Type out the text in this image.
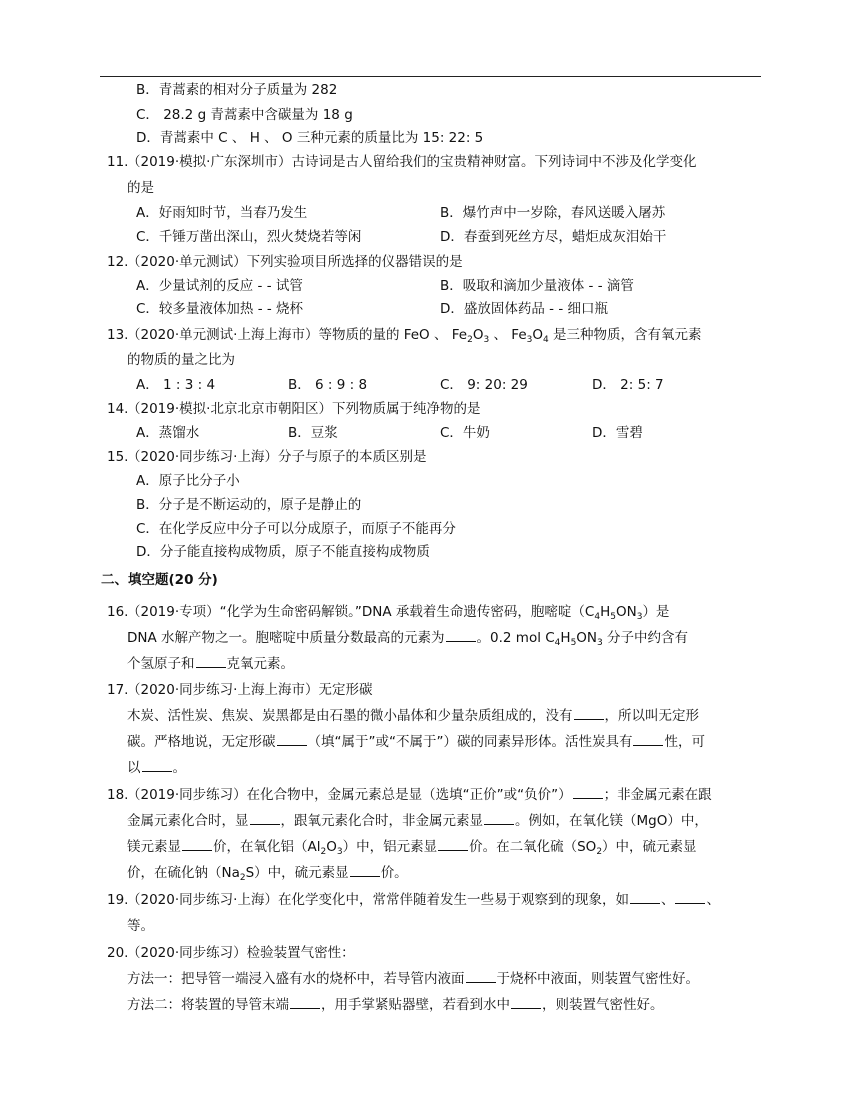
B．青蒿素的相对分子质量为 282
C． 28.2 g 青蒿素中含碳量为 18 g
D．青蒿素中 C 、 H 、 O 三种元素的质量比为 15: 22: 5
11.
（2019·模拟·广东深圳市）古诗词是古人留给我们的宝贵精神财富。下列诗词中不涉及化学变化
的是
A．好雨知时节，当春乃发生	B．爆竹声中一岁除，春风送暖入屠苏
C．千锤万凿出深山，烈火焚烧若等闲	D．春蚕到死丝方尽，蜡炬成灰泪始干
12.
（2020·单元测试）下列实验项目所选择的仪器错误的是
A．少量试剂的反应 - - 试管	B．吸取和滴加少量液体 - - 滴管
C．较多量液体加热 - - 烧杯	D．盛放固体药品 - - 细口瓶
13.
（2020·单元测试·上海上海市）等物质的量的 FeO 、 $Fe_2O_3$ 、 $Fe_3O_4$ 是三种物质，含有氧元素
的物质的量之比为
A． 1 : 3 : 4	B． 6 : 9 : 8	C． 9: 20: 29	D． 2: 5: 7
14.
（2019·模拟·北京北京市朝阳区）下列物质属于纯净物的是
A．蒸馏水	B．豆浆	C．牛奶	D．雪碧
15.
（2020·同步练习·上海）分子与原子的本质区别是
A．原子比分子小
B．分子是不断运动的，原子是静止的
C．在化学反应中分子可以分成原子，而原子不能再分
D．分子能直接构成物质，原子不能直接构成物质
二、填空题(20 分)
16.
（2019·专项）“化学为生命密码解锁。”DNA 承载着生命遗传密码，胞嘧啶$(C_4H_5ON_3)$是
DNA 水解产物之一。胞嘧啶中质量分数最高的元素为 。0.2 mol $C_4H_5ON_3$ 分子中约含有
个氢原子和 克氧元素。
17.
（2020·同步练习·上海上海市）无定形碳
木炭、活性炭、焦炭、炭黑都是由石墨的微小晶体和少量杂质组成的，没有 ，所以叫无定形
碳。严格地说，无定形碳 （填“属于”或“不属于”）碳的同素异形体。活性炭具有 性，可
以 。
18.
（2019·同步练习）在化合物中，金属元素总是显（选填“正价”或“负价”） ；非金属元素在跟
金属元素化合时，显 ，跟氧元素化合时，非金属元素显 。例如，在氧化镁（MgO）中，
镁元素显 价，在氧化铝$(Al_2O_3)$中，铝元素显 价。在二氧化硫$(SO_2)$中，硫元素显
价，在硫化钠$(Na_2S)$中，硫元素显 价。
19.
（2020·同步练习·上海）在化学变化中，常常伴随着发生一些易于观察到的现象，如 、 、
等。
20.
（2020·同步练习）检验装置气密性：
方法一：把导管一端浸入盛有水的烧杯中，若导管内液面 于烧杯中液面，则装置气密性好。
方法二：将装置的导管末端 ，用手掌紧贴器壁，若看到水中 ，则装置气密性好。
